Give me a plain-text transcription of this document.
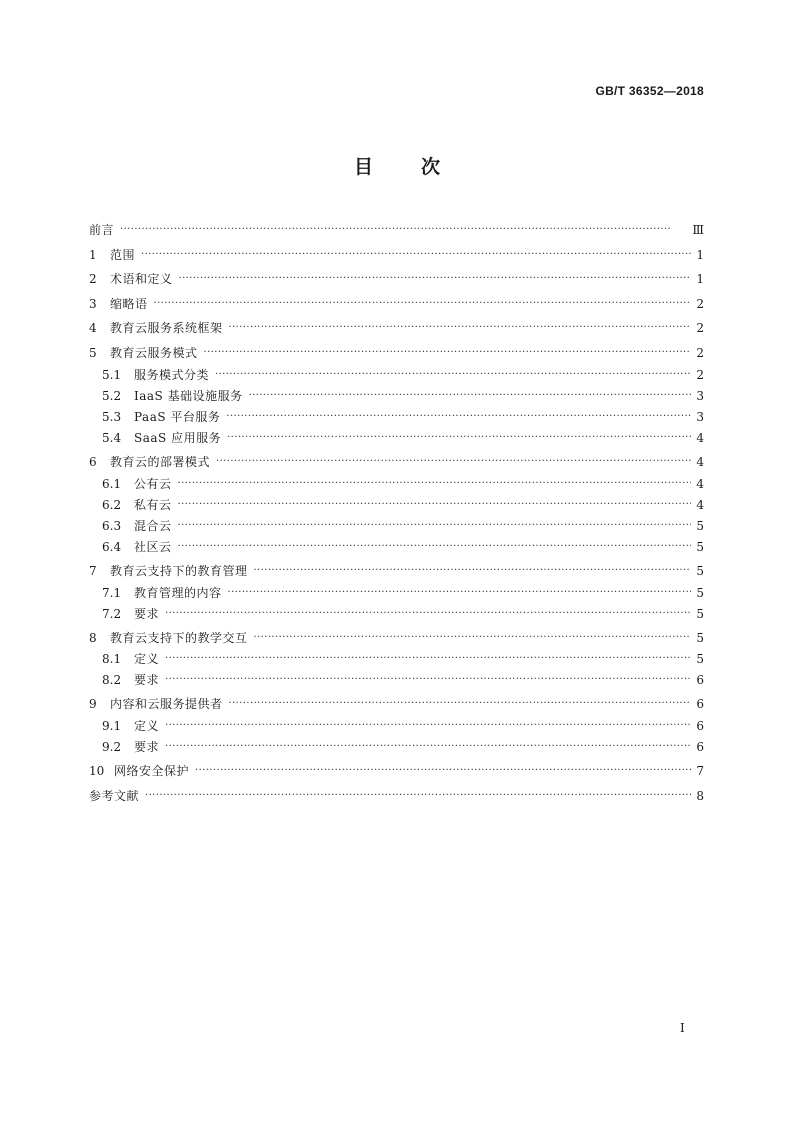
GB/T 36352—2018
目	次
前言 ·····	Ⅲ
1	范围 ·····	1
2	术语和定义 ·····	1
3	缩略语 ·····	2
4	教育云服务系统框架 ·····	2
5	教育云服务模式 ·····	2
5.1	服务模式分类 ·····	2
5.2	IaaS 基础设施服务 ·····	3
5.3	PaaS 平台服务 ·····	3
5.4	SaaS 应用服务 ·····	4
6	教育云的部署模式 ·····	4
6.1	公有云 ·····	4
6.2	私有云 ·····	4
6.3	混合云 ·····	5
6.4	社区云 ·····	5
7	教育云支持下的教育管理 ·····	5
7.1	教育管理的内容 ·····	5
7.2	要求 ·····	5
8	教育云支持下的教学交互 ·····	5
8.1	定义 ·····	5
8.2	要求 ·····	6
9	内容和云服务提供者 ·····	6
9.1	定义 ·····	6
9.2	要求 ·····	6
10 网络安全保护 ·····	7
参考文献 ·····	8
I
